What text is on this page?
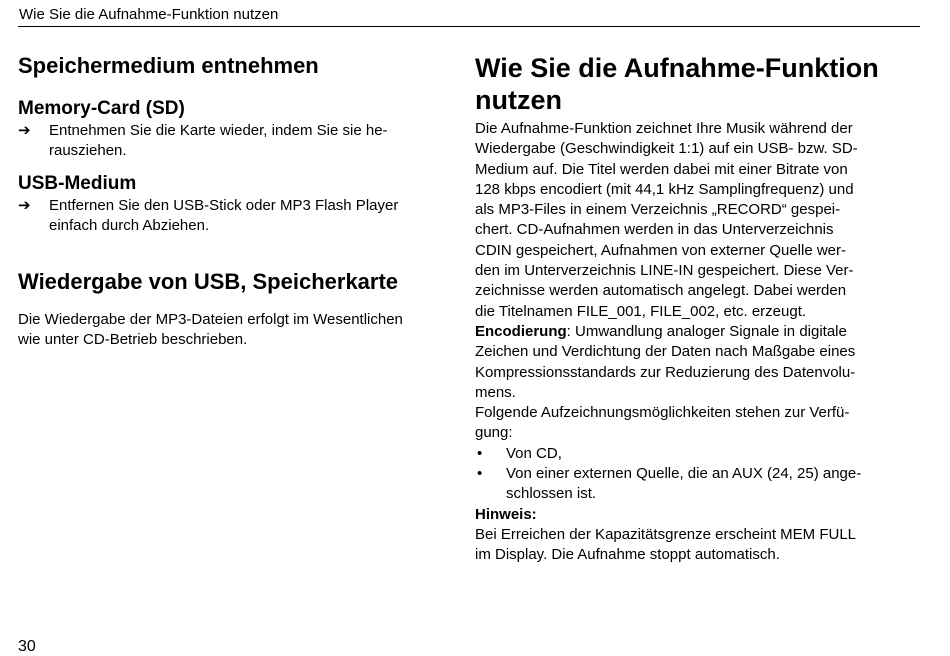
Wie Sie die Aufnahme-Funktion nutzen
Speichermedium entnehmen
Memory-Card (SD)
➔ Entnehmen Sie die Karte wieder, indem Sie sie he-
rausziehen.
USB-Medium
➔ Entfernen Sie den USB-Stick oder MP3 Flash Player
einfach durch Abziehen.
Wiedergabe von USB, Speicherkarte

Die Wiedergabe der MP3-Dateien erfolgt im Wesentlichen

wie unter CD-Betrieb beschrieben.

Wie Sie die Aufnahme-Funktion
nutzen

Die Aufnahme-Funktion zeichnet Ihre Musik während der

Wiedergabe (Geschwindigkeit 1:1) auf ein USB- bzw. SD-

Medium auf. Die Titel werden dabei mit einer Bitrate von

128 kbps encodiert (mit 44,1 kHz Samplingfrequenz) und

als MP3-Files in einem Verzeichnis „RECORD“ gespei-

chert. CD-Aufnahmen werden in das Unterverzeichnis

CDIN gespeichert, Aufnahmen von externer Quelle wer-

den im Unterverzeichnis LINE-IN gespeichert. Diese Ver-

zeichnisse werden automatisch angelegt. Dabei werden

die Titelnamen FILE_001, FILE_002, etc. erzeugt.

Encodierung: Umwandlung analoger Signale in digitale

Zeichen und Verdichtung der Daten nach Maßgabe eines

Kompressionsstandards zur Reduzierung des Datenvolu-

mens.

Folgende Aufzeichnungsmöglichkeiten stehen zur Verfü-

gung:

• Von CD,
• Von einer externen Quelle, die an AUX (24, 25) ange-
schlossen ist.

Hinweis:

Bei Erreichen der Kapazitätsgrenze erscheint MEM FULL

im Display. Die Aufnahme stoppt automatisch.

30
